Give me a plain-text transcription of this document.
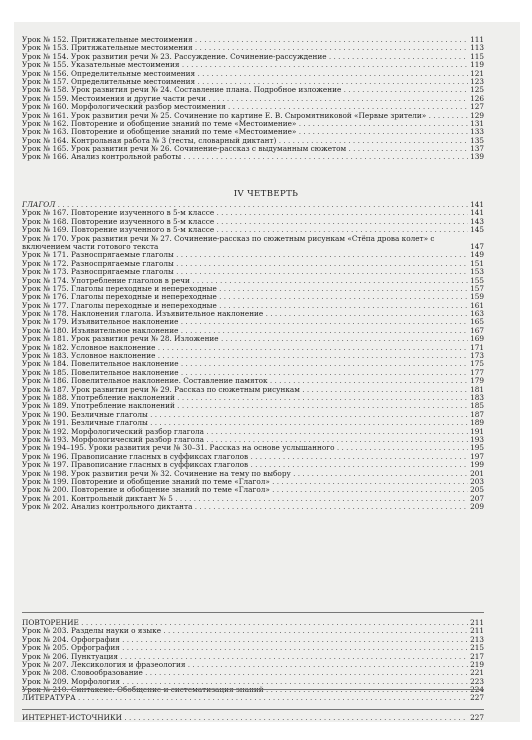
Урок № 152. Притяжательные местоимения . . .	111
Урок № 153. Притяжательные местоимения . . .	113
Урок № 154. Урок развития речи № 23. Рассуждение. Сочинение-рассуждение . . .	115
Урок № 155. Указательные местоимения . . .	119
Урок № 156. Определительные местоимения . . .	121
Урок № 157. Определительные местоимения . . .	123
Урок № 158. Урок развития речи № 24. Составление плана. Подробное изложение . . .	125
Урок № 159. Местоимения и другие части речи . . .	126
Урок № 160. Морфологический разбор местоимения . . .	127
Урок № 161. Урок развития речи № 25. Сочинение по картине Е. В. Сыромятниковой «Первые зрители» . . .	129
Урок № 162. Повторение и обобщение знаний по теме «Местоимение» . . .	131
Урок № 163. Повторение и обобщение знаний по теме «Местоимение» . . .	133
Урок № 164. Контрольная работа № 3 (тесты, словарный диктант) . . .	135
Урок № 165. Урок развития речи № 26. Сочинение-рассказ с выдуманным сюжетом . . .	137
Урок № 166. Анализ контрольной работы . . .	139
IV ЧЕТВЕРТЬ
ГЛАГОЛ . . .	141
Урок № 167. Повторение изученного в 5-м классе . . .	141
Урок № 168. Повторение изученного в 5-м классе . . .	143
Урок № 169. Повторение изученного в 5-м классе . . .	145
Урок № 170. Урок развития речи № 27. Сочинение-рассказ по сюжетным рисункам «Стёпа дрова колет» с включением части готового текста	147
Урок № 171. Разноспрягаемые глаголы . . .	149
Урок № 172. Разноспрягаемые глаголы . . .	151
Урок № 173. Разноспрягаемые глаголы . . .	153
Урок № 174. Употребление глаголов в речи . . .	155
Урок № 175. Глаголы переходные и непереходные . . .	157
Урок № 176. Глаголы переходные и непереходные . . .	159
Урок № 177. Глаголы переходные и непереходные . . .	161
Урок № 178. Наклонения глагола. Изъявительное наклонение . . .	163
Урок № 179. Изъявительное наклонение . . .	165
Урок № 180. Изъявительное наклонение . . .	167
Урок № 181. Урок развития речи № 28. Изложение . . .	169
Урок № 182. Условное наклонение . . .	171
Урок № 183. Условное наклонение . . .	173
Урок № 184. Повелительное наклонение . . .	175
Урок № 185. Повелительное наклонение . . .	177
Урок № 186. Повелительное наклонение. Составление памяток . . .	179
Урок № 187. Урок развития речи № 29. Рассказ по сюжетным рисункам . . .	181
Урок № 188. Употребление наклонений . . .	183
Урок № 189. Употребление наклонений . . .	185
Урок № 190. Безличные глаголы . . .	187
Урок № 191. Безличные глаголы . . .	189
Урок № 192. Морфологический разбор глагола . . .	191
Урок № 193. Морфологический разбор глагола . . .	193
Урок № 194–195. Уроки развития речи № 30–31. Рассказ на основе услышанного . . .	195
Урок № 196. Правописание гласных в суффиксах глаголов . . .	197
Урок № 197. Правописание гласных в суффиксах глаголов . . .	199
Урок № 198. Урок развития речи № 32. Сочинение на тему по выбору . . .	201
Урок № 199. Повторение и обобщение знаний по теме «Глагол» . . .	203
Урок № 200. Повторение и обобщение знаний по теме «Глагол» . . .	205
Урок № 201. Контрольный диктант № 5 . . .	207
Урок № 202. Анализ контрольного диктанта . . .	209
ПОВТОРЕНИЕ . . .	211
Урок № 203. Разделы науки о языке . . .	211
Урок № 204. Орфография . . .	213
Урок № 205. Орфография . . .	215
Урок № 206. Пунктуация . . .	217
Урок № 207. Лексикология и фразеология . . .	219
Урок № 208. Словообразование . . .	221
Урок № 209. Морфология . . .	223
Урок № 210. Синтаксис. Обобщение и систематизация знаний . . .	224
ЛИТЕРАТУРА . . .	227
ИНТЕРНЕТ-ИСТОЧНИКИ . . .	227
